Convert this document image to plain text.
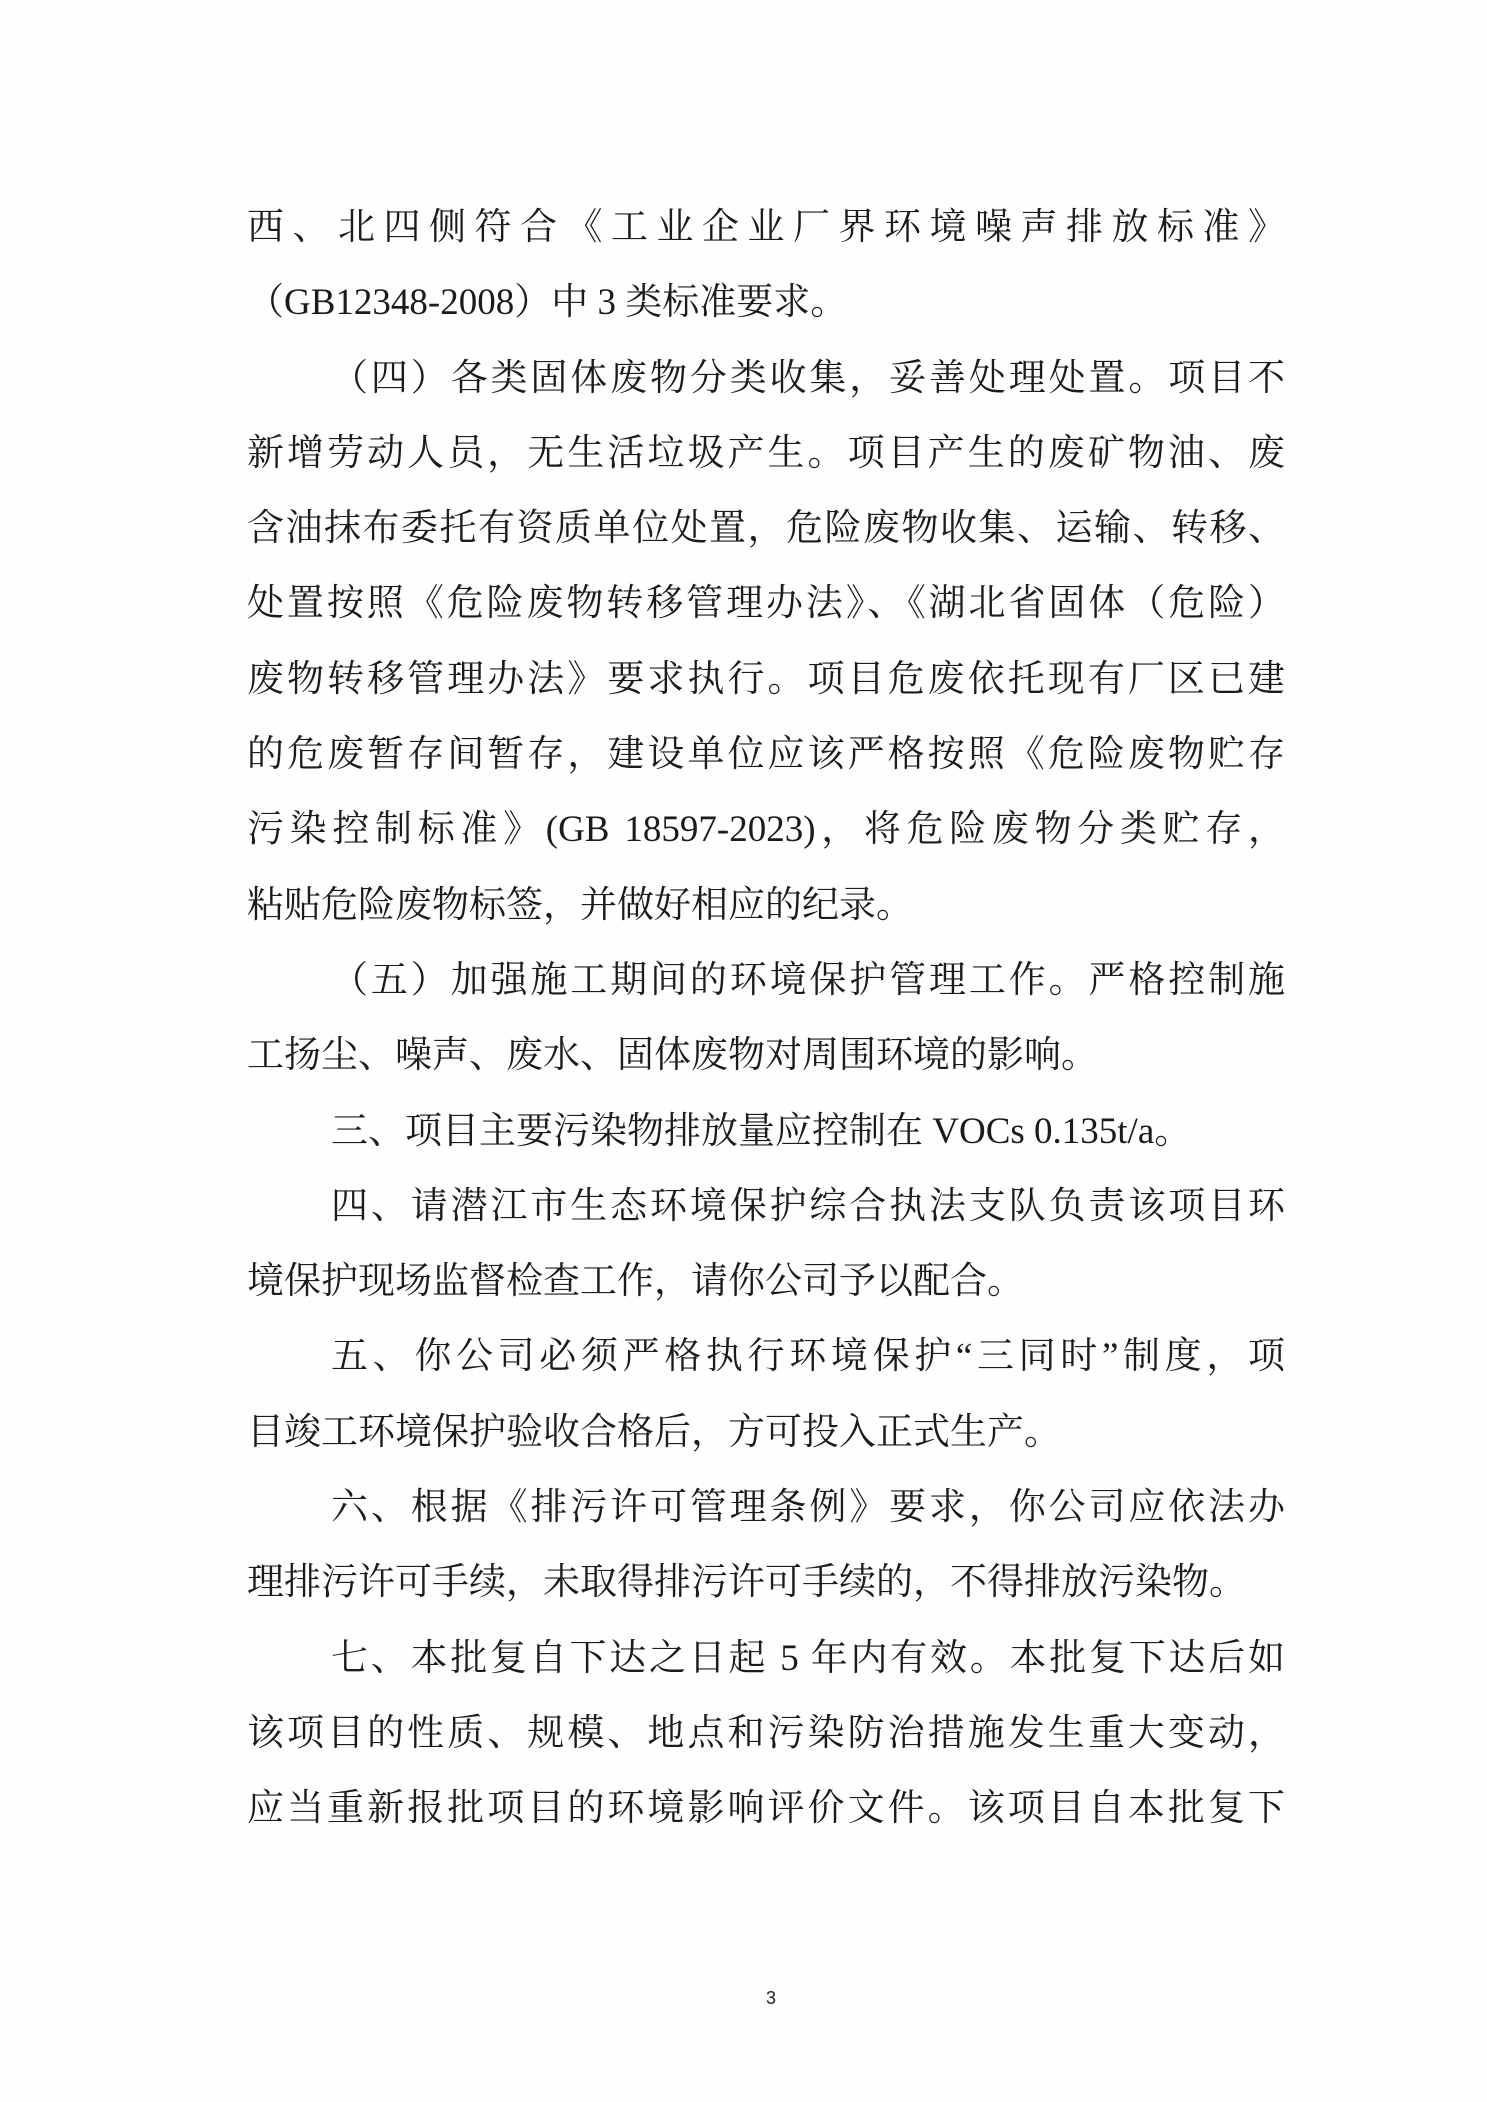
西、北四侧符合《工业企业厂界环境噪声排放标准》
（GB12348-2008）中 3 类标准要求。
（四）各类固体废物分类收集，妥善处理处置。项目不
新增劳动人员，无生活垃圾产生。项目产生的废矿物油、废
含油抹布委托有资质单位处置，危险废物收集、运输、转移、
处置按照《危险废物转移管理办法》、《湖北省固体（危险）
废物转移管理办法》要求执行。项目危废依托现有厂区已建
的危废暂存间暂存，建设单位应该严格按照《危险废物贮存
污染控制标准》(GB 18597-2023)，将危险废物分类贮存，
粘贴危险废物标签，并做好相应的纪录。
（五）加强施工期间的环境保护管理工作。严格控制施
工扬尘、噪声、废水、固体废物对周围环境的影响。
三、项目主要污染物排放量应控制在 VOCs 0.135t/a。
四、请潜江市生态环境保护综合执法支队负责该项目环
境保护现场监督检查工作，请你公司予以配合。
五、你公司必须严格执行环境保护“三同时”制度，项
目竣工环境保护验收合格后，方可投入正式生产。
六、根据《排污许可管理条例》要求，你公司应依法办
理排污许可手续，未取得排污许可手续的，不得排放污染物。
七、本批复自下达之日起 5 年内有效。本批复下达后如
该项目的性质、规模、地点和污染防治措施发生重大变动，
应当重新报批项目的环境影响评价文件。该项目自本批复下
3
